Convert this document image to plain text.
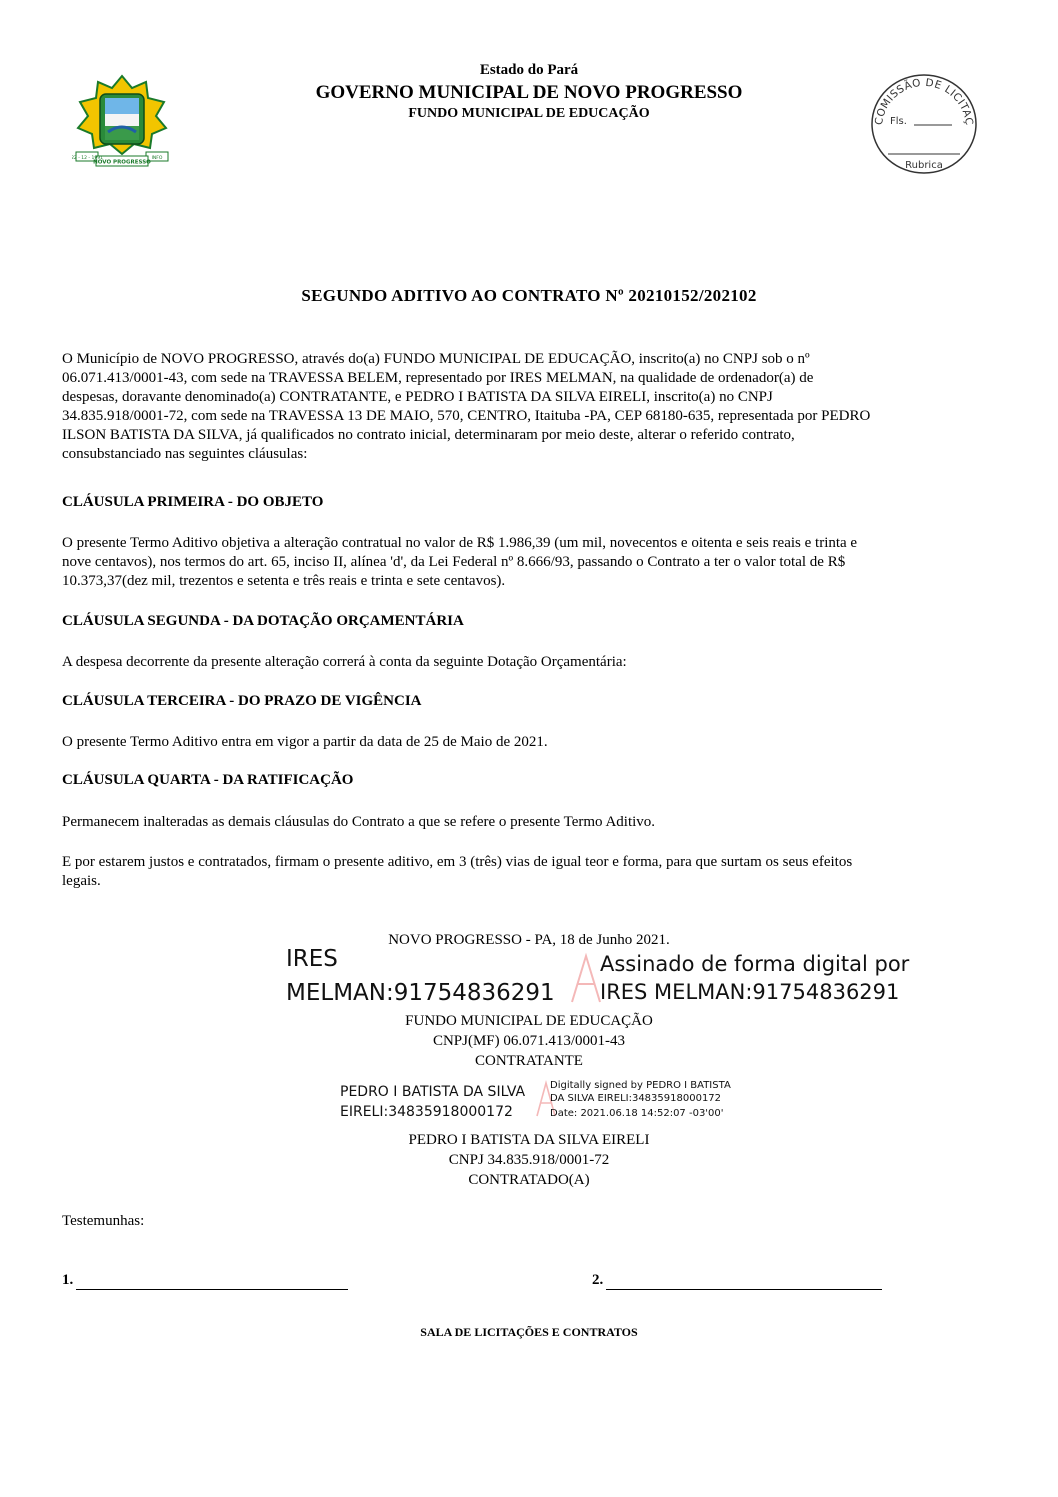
22 - 12 - 1991	INFO
NOVO PROGRESSO
Estado do Pará
GOVERNO MUNICIPAL DE NOVO PROGRESSO
FUNDO MUNICIPAL DE EDUCAÇÃO
COMISSÃO DE LICITAÇ
Fls.
Rubrica
SEGUNDO ADITIVO AO CONTRATO Nº 20210152/202102
O Município de NOVO PROGRESSO, através do(a) FUNDO MUNICIPAL DE EDUCAÇÃO, inscrito(a) no CNPJ sob o nº
06.071.413/0001-43, com sede na TRAVESSA BELEM, representado por IRES MELMAN, na qualidade de ordenador(a) de
despesas, doravante denominado(a) CONTRATANTE, e PEDRO I BATISTA DA SILVA EIRELI, inscrito(a) no CNPJ
34.835.918/0001-72, com sede na TRAVESSA 13 DE MAIO, 570, CENTRO, Itaituba -PA, CEP 68180-635, representada por PEDRO
ILSON BATISTA DA SILVA, já qualificados no contrato inicial, determinaram por meio deste, alterar o referido contrato,
consubstanciado nas seguintes cláusulas:
CLÁUSULA PRIMEIRA - DO OBJETO
O presente Termo Aditivo objetiva a alteração contratual no valor de R$ 1.986,39 (um mil, novecentos e oitenta e seis reais e trinta e
nove centavos), nos termos do art. 65, inciso II, alínea 'd', da Lei Federal nº 8.666/93, passando o Contrato a ter o valor total de R$
10.373,37(dez mil, trezentos e setenta e três reais e trinta e sete centavos).
CLÁUSULA SEGUNDA - DA DOTAÇÃO ORÇAMENTÁRIA
A despesa decorrente da presente alteração correrá à conta da seguinte Dotação Orçamentária:
CLÁUSULA TERCEIRA - DO PRAZO DE VIGÊNCIA
O presente Termo Aditivo entra em vigor a partir da data de 25 de Maio de 2021.
CLÁUSULA QUARTA - DA RATIFICAÇÃO
Permanecem inalteradas as demais cláusulas do Contrato a que se refere o presente Termo Aditivo.
E por estarem justos e contratados, firmam o presente aditivo, em 3 (três) vias de igual teor e forma, para que surtam os seus efeitos
legais.
NOVO PROGRESSO - PA, 18 de Junho 2021.
IRES
MELMAN:91754836291
Assinado de forma digital por
IRES MELMAN:91754836291
FUNDO MUNICIPAL DE EDUCAÇÃO
CNPJ(MF) 06.071.413/0001-43
CONTRATANTE
PEDRO I BATISTA DA SILVA
EIRELI:34835918000172
Digitally signed by PEDRO I BATISTA
DA SILVA EIRELI:34835918000172
Date: 2021.06.18 14:52:07 -03'00'
PEDRO I BATISTA DA SILVA EIRELI
CNPJ 34.835.918/0001-72
CONTRATADO(A)
Testemunhas:
1.	2.
SALA DE LICITAÇÕES E CONTRATOS
